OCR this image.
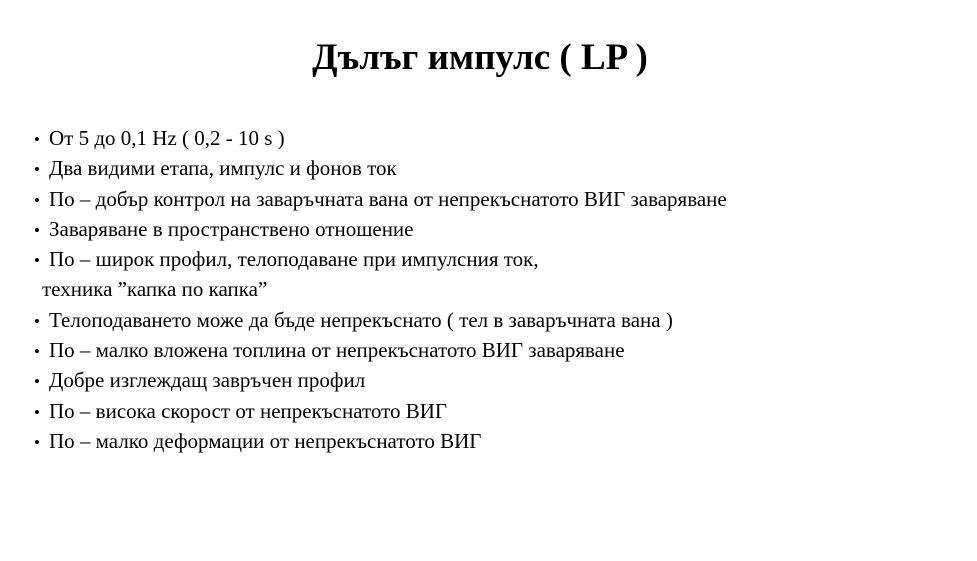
Дълъг импулс ( LP )
• От 5 до 0,1 Hz ( 0,2 - 10 s )
• Два видими етапа, импулс и фонов ток
• По – добър контрол на заваръчната вана от непрекъснатото ВИГ заваряване
• Заваряване в пространствено отношение
• По – широк профил, телоподаване при импулсния ток,
техника ”капка по капка”
• Телоподаването може да бъде непрекъснато ( тел в заваръчната вана )
• По – малко вложена топлина от непрекъснатото ВИГ заваряване
• Добре изглеждащ завръчен профил
• По – висока скорост от непрекъснатото ВИГ
• По – малко деформации от непрекъснатото ВИГ
